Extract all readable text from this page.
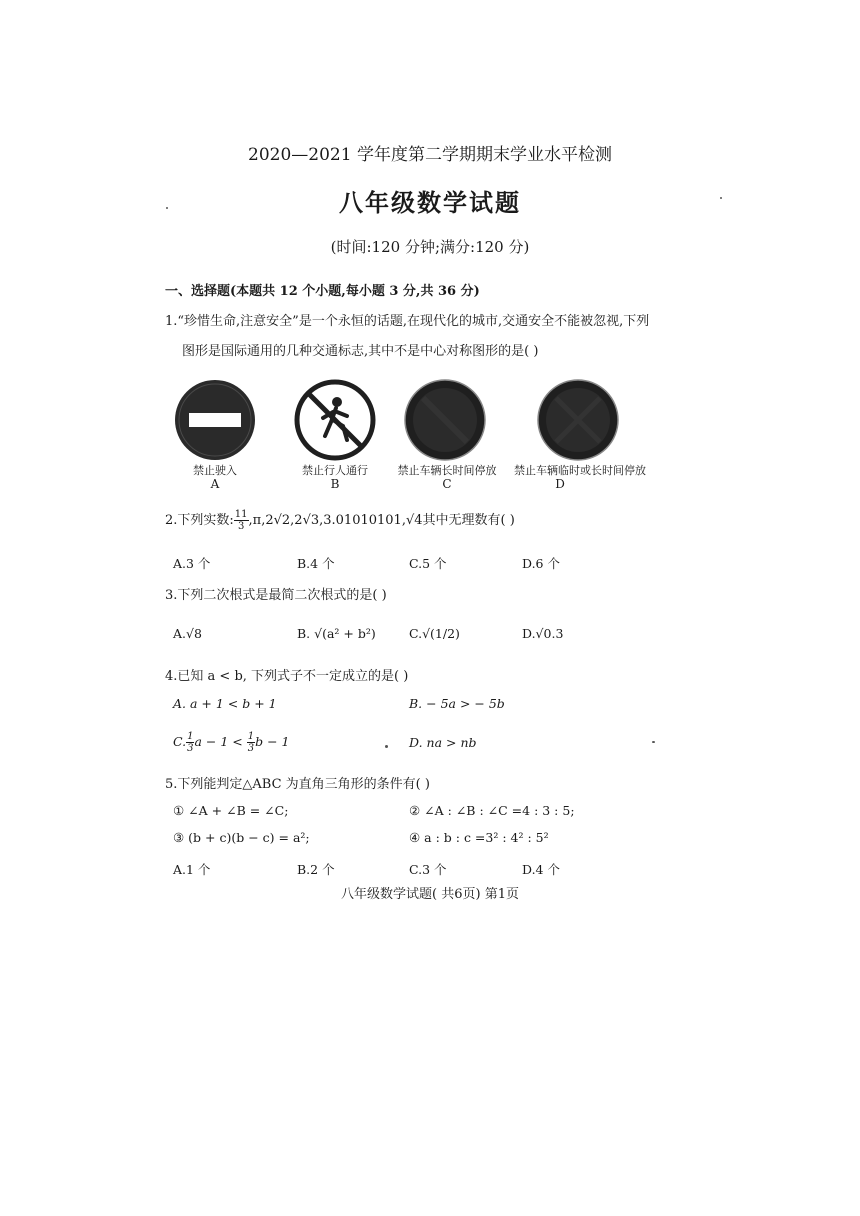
2020—2021 学年度第二学期期末学业水平检测
八年级数学试题
(时间:120 分钟;满分:120 分)
一、选择题(本题共 12 个小题,每小题 3 分,共 36 分)
1.“珍惜生命,注意安全”是一个永恒的话题,在现代化的城市,交通安全不能被忽视,下列
图形是国际通用的几种交通标志,其中不是中心对称图形的是( )
禁止驶入
A
禁止行人通行
B
禁止车辆长时间停放
C
禁止车辆临时或长时间停放
D
2.下列实数: $\frac{11}{3} ,\pi,2√2,2√3,3.01010101,√4$其中无理数有( )
A.3 个	B.4 个	C.5 个	D.6 个
3.下列二次根式是最简二次根式的是( )
A.√8	B. √(a² + b²)	C.√(1/2)	D.√0.3
4.已知 a < b, 下列式子不一定成立的是( )
A. a + 1 < b + 1	B. − 5a > − 5b
C. $\frac{1}{3}$ $a - 1 < \frac{1}{3}$ b − 1	D. na > nb
5.下列能判定△ABC 为直角三角形的条件有( )
① ∠A + ∠B = ∠C;	② ∠A : ∠B : ∠C =4 : 3 : 5;
③ (b + c)(b − c) = a²;	④ a : b : c =3² : 4² : 5²
A.1 个	B.2 个	C.3 个	D.4 个
八年级数学试题( 共6页) 第1页
